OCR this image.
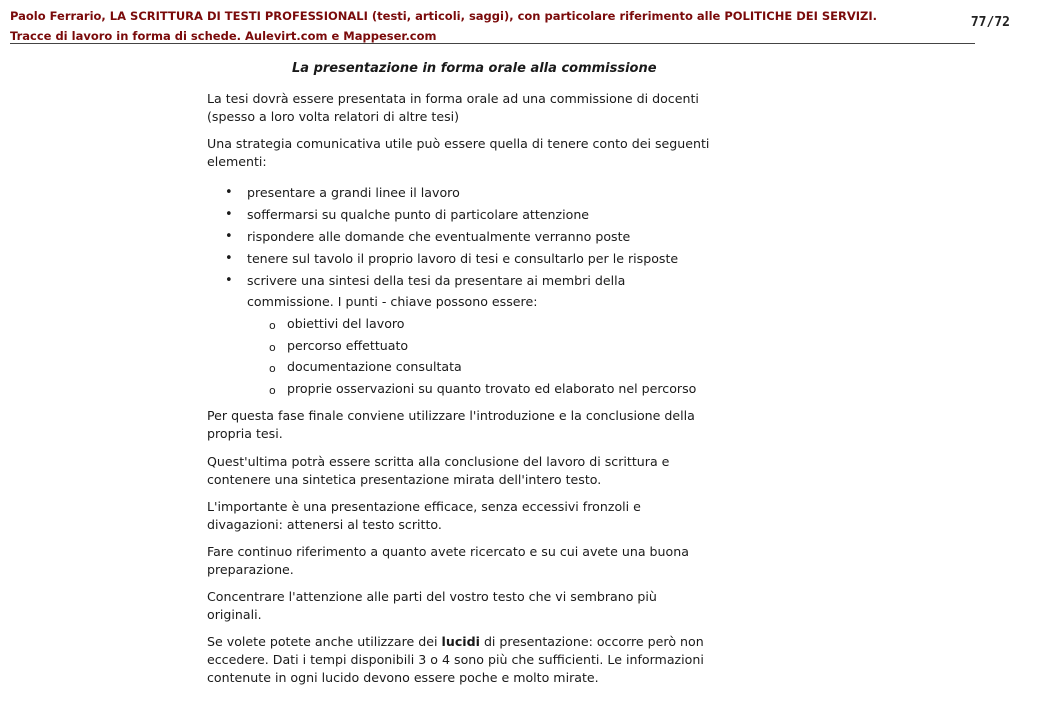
Paolo Ferrario, LA SCRITTURA DI TESTI PROFESSIONALI (testi, articoli, saggi), con particolare riferimento alle POLITICHE DEI SERVIZI.
Tracce di lavoro in forma di schede. Aulevirt.com e Mappeser.com
77/72
La presentazione in forma orale alla commissione
La tesi dovrà essere presentata in forma orale ad una commissione di docenti
(spesso a loro volta relatori di altre tesi)
Una strategia comunicativa utile può essere quella di tenere conto dei seguenti
elementi:
• presentare a grandi linee il lavoro
• soffermarsi su qualche punto di particolare attenzione
• rispondere alle domande che eventualmente verranno poste
• tenere sul tavolo il proprio lavoro di tesi e consultarlo per le risposte
• scrivere una sintesi della tesi da presentare ai membri della
commissione. I punti - chiave possono essere:
o obiettivi del lavoro
o percorso effettuato
o documentazione consultata
o proprie osservazioni su quanto trovato ed elaborato nel percorso
Per questa fase finale conviene utilizzare l'introduzione e la conclusione della
propria tesi.
Quest'ultima potrà essere scritta alla conclusione del lavoro di scrittura e
contenere una sintetica presentazione mirata dell'intero testo.
L'importante è una presentazione efficace, senza eccessivi fronzoli e
divagazioni: attenersi al testo scritto.
Fare continuo riferimento a quanto avete ricercato e su cui avete una buona
preparazione.
Concentrare l'attenzione alle parti del vostro testo che vi sembrano più
originali.
Se volete potete anche utilizzare dei lucidi di presentazione: occorre però non
eccedere. Dati i tempi disponibili 3 o 4 sono più che sufficienti. Le informazioni
contenute in ogni lucido devono essere poche e molto mirate.
